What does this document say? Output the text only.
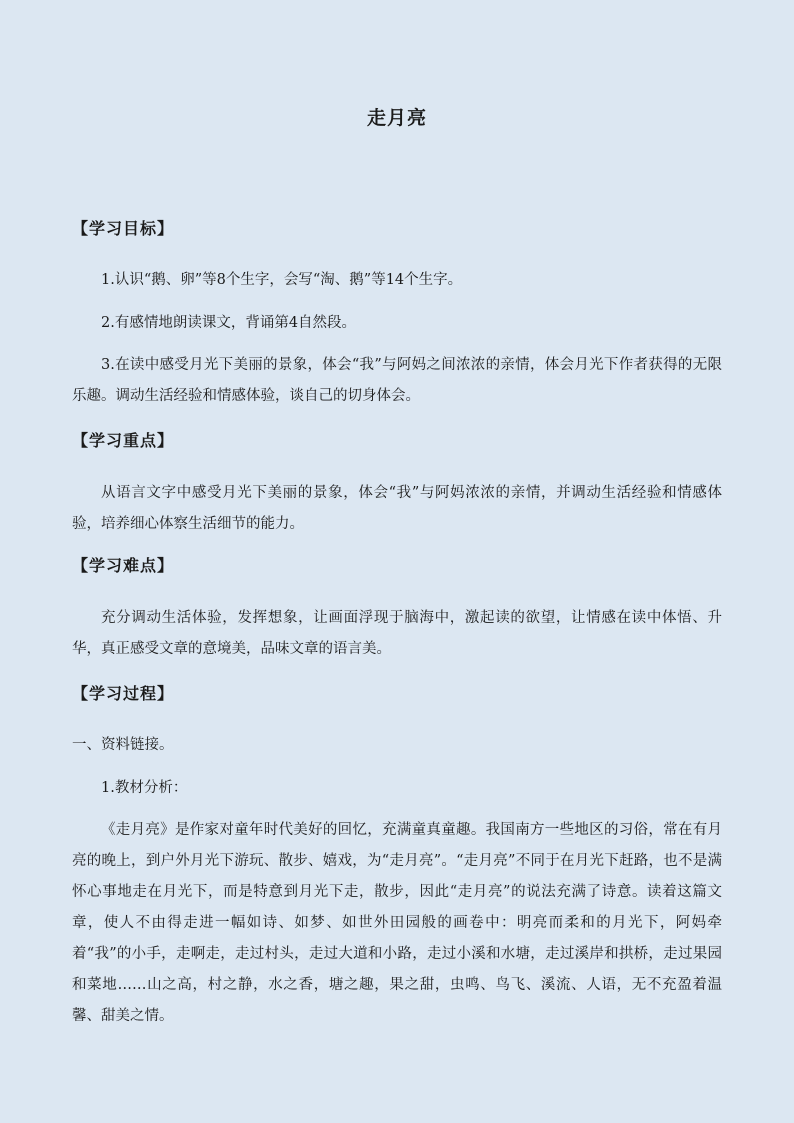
走月亮
【学习目标】
1.认识“鹅、卵”等8个生字，会写“淘、鹅”等14个生字。
2.有感情地朗读课文，背诵第4自然段。
3.在读中感受月光下美丽的景象，体会“我”与阿妈之间浓浓的亲情，体会月光下作者获得的无限乐趣。调动生活经验和情感体验，谈自己的切身体会。
【学习重点】
从语言文字中感受月光下美丽的景象，体会“我”与阿妈浓浓的亲情，并调动生活经验和情感体验，培养细心体察生活细节的能力。
【学习难点】
充分调动生活体验，发挥想象，让画面浮现于脑海中，激起读的欲望，让情感在读中体悟、升华，真正感受文章的意境美，品味文章的语言美。
【学习过程】
一、资料链接。
1.教材分析：
《走月亮》是作家对童年时代美好的回忆，充满童真童趣。我国南方一些地区的习俗，常在有月亮的晚上，到户外月光下游玩、散步、嬉戏，为“走月亮”。“走月亮”不同于在月光下赶路，也不是满怀心事地走在月光下，而是特意到月光下走，散步，因此“走月亮”的说法充满了诗意。读着这篇文章，使人不由得走进一幅如诗、如梦、如世外田园般的画卷中：明亮而柔和的月光下，阿妈牵着“我”的小手，走啊走，走过村头，走过大道和小路，走过小溪和水塘，走过溪岸和拱桥，走过果园和菜地……山之高，村之静，水之香，塘之趣，果之甜，虫鸣、鸟飞、溪流、人语，无不充盈着温馨、甜美之情。
